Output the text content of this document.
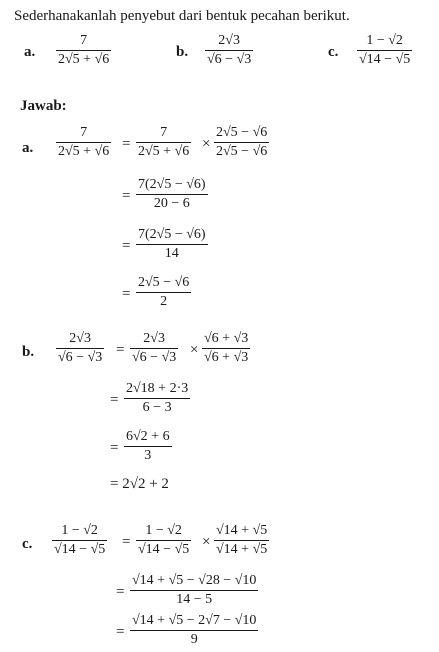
Sederhanakanlah penyebut dari bentuk pecahan berikut.
a. $\frac{7}{2√5 + √6}$	b. $\frac{2√3}{√6 - √3}$	c. $\frac{1 - √2}{√14 - √5}$
Jawab:
a. $\frac{7}{2√5 + √6} = \frac{7}{2√5 + √6} \times \frac{2√5 - √6}{2√5 - √6}$
= $\frac{7(2√5 - √6)}{20 - 6}$
= $\frac{7(2√5 - √6)}{14}$
= $\frac{2√5 - √6}{2}$
b. $\frac{2√3}{√6 - √3} = \frac{2√3}{√6 - √3} \times \frac{√6 + √3}{√6 + √3}$
= $\frac{2√18 + 2\cdot 3}{6 - 3}$
= $\frac{6√2 + 6}{3}$
= 2√2 + 2
c. $\frac{1 - √2}{√14 - √5} = \frac{1 - √2}{√14 - √5} \times \frac{√14 + √5}{√14 + √5}$
= $\frac{√14 + √5 - √28 - √10}{14 - 5}$
= $\frac{√14 + √5 - 2√7 - √10}{9}$
